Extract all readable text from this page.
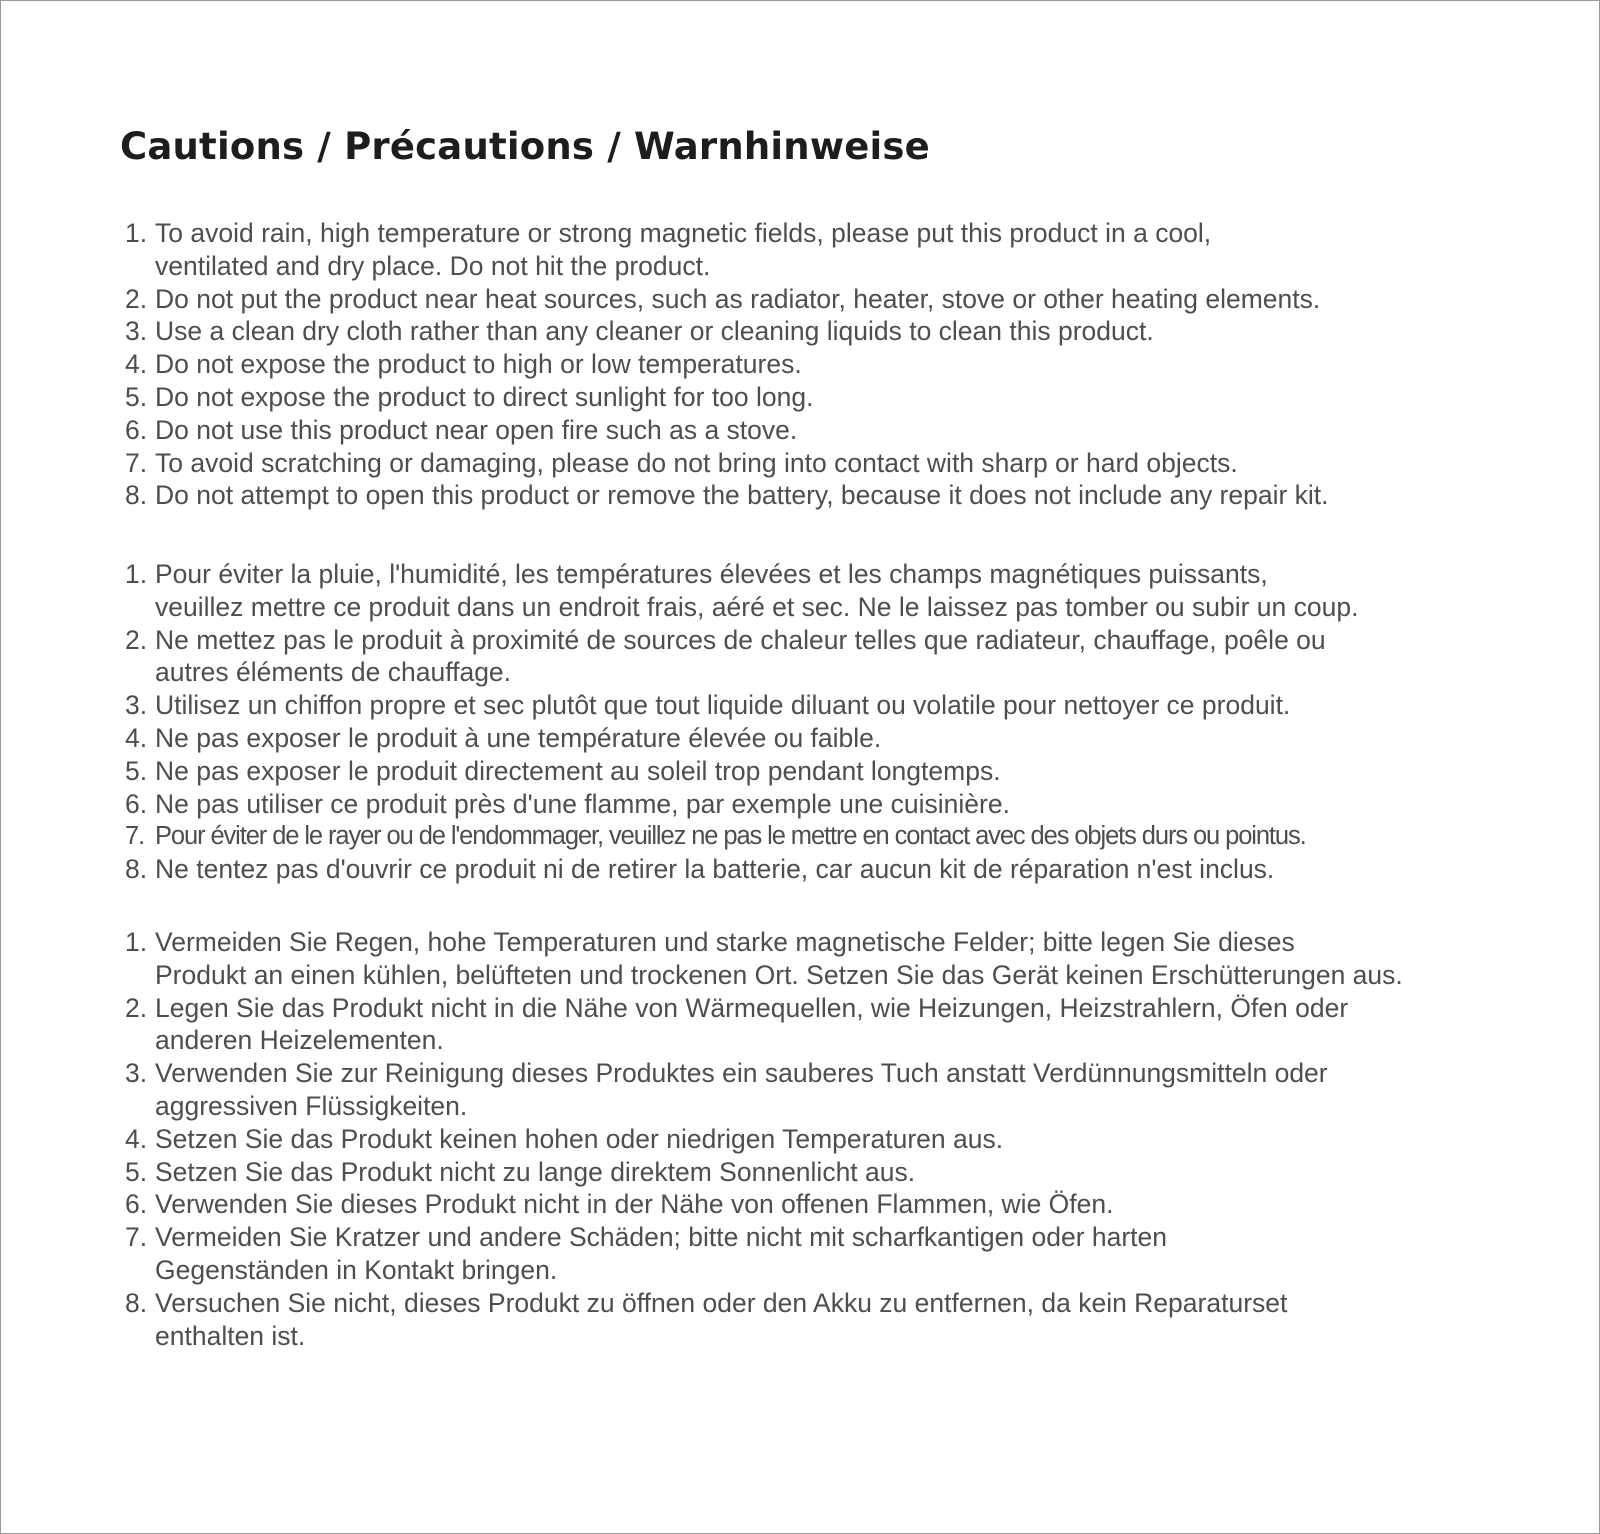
Cautions / Précautions / Warnhinweise
1. To avoid rain, high temperature or strong magnetic fields, please put this product in a cool,
ventilated and dry place. Do not hit the product.
2. Do not put the product near heat sources, such as radiator, heater, stove or other heating elements.
3. Use a clean dry cloth rather than any cleaner or cleaning liquids to clean this product.
4. Do not expose the product to high or low temperatures.
5. Do not expose the product to direct sunlight for too long.
6. Do not use this product near open fire such as a stove.
7. To avoid scratching or damaging, please do not bring into contact with sharp or hard objects.
8. Do not attempt to open this product or remove the battery, because it does not include any repair kit.
1. Pour éviter la pluie, l'humidité, les températures élevées et les champs magnétiques puissants,
veuillez mettre ce produit dans un endroit frais, aéré et sec. Ne le laissez pas tomber ou subir un coup.
2. Ne mettez pas le produit à proximité de sources de chaleur telles que radiateur, chauffage, poêle ou
autres éléments de chauffage.
3. Utilisez un chiffon propre et sec plutôt que tout liquide diluant ou volatile pour nettoyer ce produit.
4. Ne pas exposer le produit à une température élevée ou faible.
5. Ne pas exposer le produit directement au soleil trop pendant longtemps.
6. Ne pas utiliser ce produit près d'une flamme, par exemple une cuisinière.
7. Pour éviter de le rayer ou de l'endommager, veuillez ne pas le mettre en contact avec des objets durs ou pointus.
8. Ne tentez pas d'ouvrir ce produit ni de retirer la batterie, car aucun kit de réparation n'est inclus.
1. Vermeiden Sie Regen, hohe Temperaturen und starke magnetische Felder; bitte legen Sie dieses
Produkt an einen kühlen, belüfteten und trockenen Ort. Setzen Sie das Gerät keinen Erschütterungen aus.
2. Legen Sie das Produkt nicht in die Nähe von Wärmequellen, wie Heizungen, Heizstrahlern, Öfen oder
anderen Heizelementen.
3. Verwenden Sie zur Reinigung dieses Produktes ein sauberes Tuch anstatt Verdünnungsmitteln oder
aggressiven Flüssigkeiten.
4. Setzen Sie das Produkt keinen hohen oder niedrigen Temperaturen aus.
5. Setzen Sie das Produkt nicht zu lange direktem Sonnenlicht aus.
6. Verwenden Sie dieses Produkt nicht in der Nähe von offenen Flammen, wie Öfen.
7. Vermeiden Sie Kratzer und andere Schäden; bitte nicht mit scharfkantigen oder harten
Gegenständen in Kontakt bringen.
8. Versuchen Sie nicht, dieses Produkt zu öffnen oder den Akku zu entfernen, da kein Reparaturset
enthalten ist.
